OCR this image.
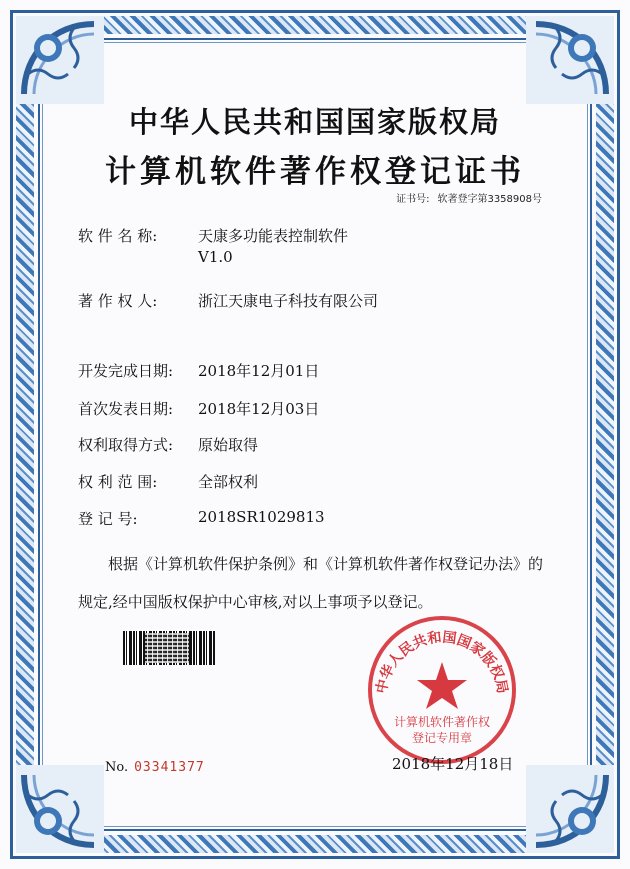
中华人民共和国国家版权局
计算机软件著作权登记证书
证书号: 软著登字第3358908号
软 件 名 称:	天康多功能表控制软件
V1.0
著 作 权 人:	浙江天康电子科技有限公司
开发完成日期:	2018年12月01日
首次发表日期:	2018年12月03日
权利取得方式:	原始取得
权 利 范 围:	全部权利
登 记 号:	2018SR1029813
根据《计算机软件保护条例》和《计算机软件著作权登记办法》的
规定,经中国版权保护中心审核,对以上事项予以登记。
中华人民共和国国家版权局
计算机软件著作权
登记专用章
No. 03341377	2018年12月18日
